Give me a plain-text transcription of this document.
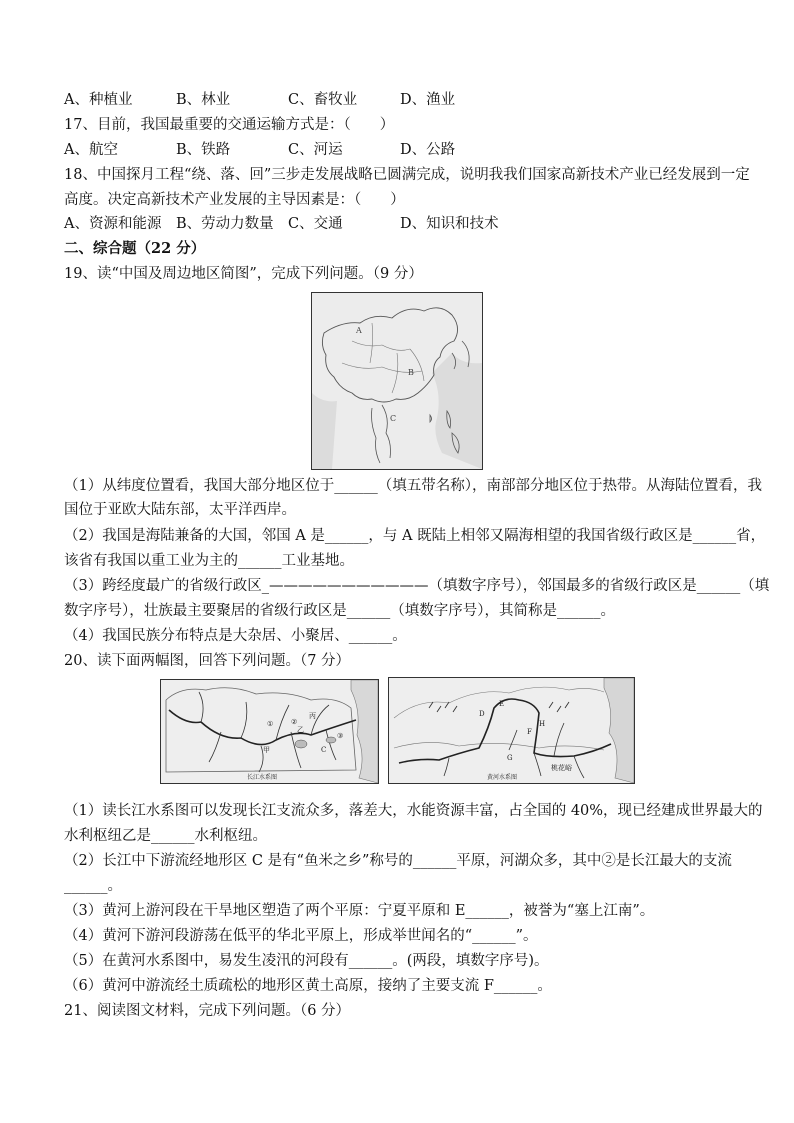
A、种植业	B、林业	C、畜牧业	D、渔业
17、目前，我国最重要的交通运输方式是：（　　）
A、航空	B、铁路	C、河运	D、公路
18、中国探月工程“绕、落、回”三步走发展战略已圆满完成，说明我我们国家高新技术产业已经发展到一定
高度。决定高新技术产业发展的主导因素是：（　　）
A、资源和能源 B、劳动力数量 C、交通	D、知识和技术
二、综合题（22 分）
19、读“中国及周边地区简图”，完成下列问题。（9 分）
A
B
C
（1）从纬度位置看，我国大部分地区位于______（填五带名称），南部部分地区位于热带。从海陆位置看，我
国位于亚欧大陆东部，太平洋西岸。
（2）我国是海陆兼备的大国，邻国 A 是______，与 A 既陆上相邻又隔海相望的我国省级行政区是______省，
该省有我国以重工业为主的______工业基地。
（3）跨经度最广的省级行政区_———————————（填数字序号），邻国最多的省级行政区是______（填
数字序号），壮族最主要聚居的省级行政区是______（填数字序号），其简称是______。
（4）我国民族分布特点是大杂居、小聚居、______。
20、读下面两幅图，回答下列问题。（7 分）
①	②
③
甲
乙
丙
C
长江水系图
D
E
F
G
H
桃花峪
黄河水系图
（1）读长江水系图可以发现长江支流众多，落差大，水能资源丰富，占全国的 40%，现已经建成世界最大的
水利枢纽乙是______水利枢纽。
（2）长江中下游流经地形区 C 是有“鱼米之乡”称号的______平原，河湖众多，其中②是长江最大的支流
______。
（3）黄河上游河段在干旱地区塑造了两个平原：宁夏平原和 E______，被誉为“塞上江南”。
（4）黄河下游河段游荡在低平的华北平原上，形成举世闻名的“______”。
（5）在黄河水系图中，易发生凌汛的河段有______。(两段，填数字序号)。
（6）黄河中游流经土质疏松的地形区黄土高原，接纳了主要支流 F______。
21、阅读图文材料，完成下列问题。（6 分）
